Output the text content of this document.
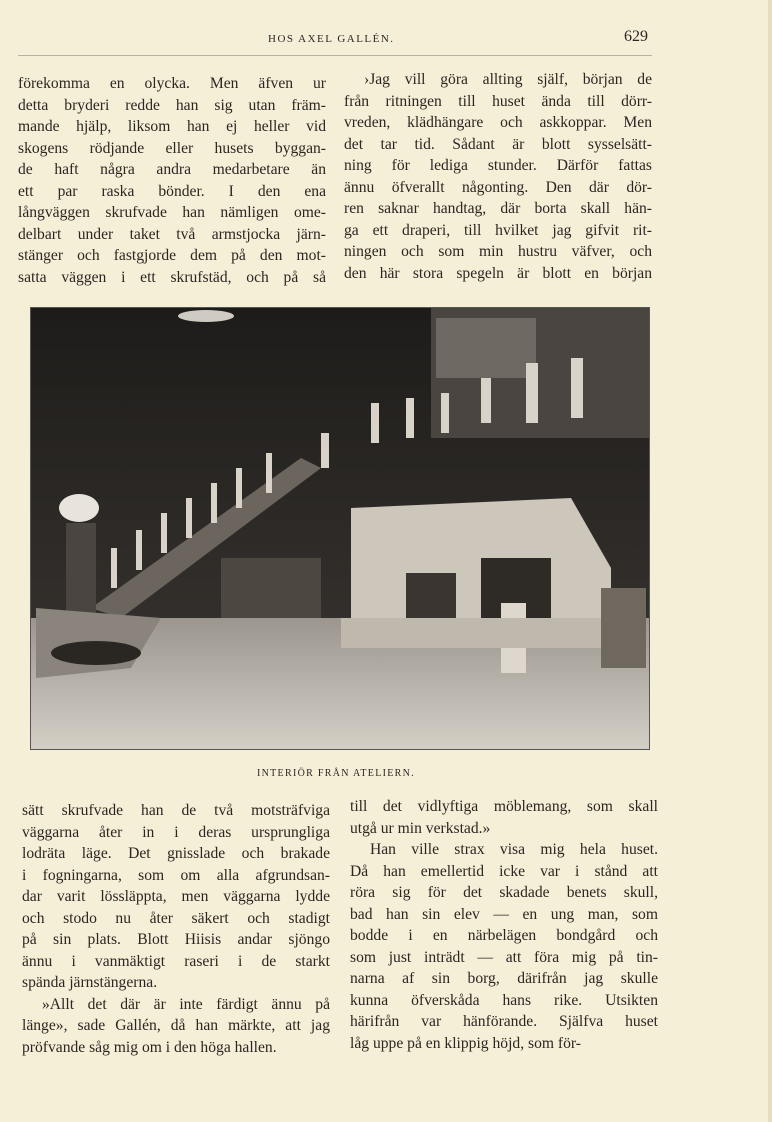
HOS AXEL GALLÉN.	629
förekomma en olycka. Men äfven ur
detta bryderi redde han sig utan främ-
mande hjälp, liksom han ej heller vid
skogens rödjande eller husets byggan-
de haft några andra medarbetare än
ett par raska bönder. I den ena
långväggen skrufvade han nämligen ome-
delbart under taket två armstjocka järn-
stänger och fastgjorde dem på den mot-
satta väggen i ett skrufstäd, och på så
›Jag vill göra allting själf, början de
från ritningen till huset ända till dörr-
vreden, klädhängare och askkoppar. Men
det tar tid. Sådant är blott sysselsätt-
ning för lediga stunder. Därför fattas
ännu öfverallt någonting. Den där dör-
ren saknar handtag, där borta skall hän-
ga ett draperi, till hvilket jag gifvit rit-
ningen och som min hustru väfver, och
den här stora spegeln är blott en början
INTERIÖR FRÅN ATELIERN.
sätt skrufvade han de två motsträfviga
väggarna åter in i deras ursprungliga
lodräta läge. Det gnisslade och brakade
i fogningarna, som om alla afgrundsan-
dar varit lössläppta, men väggarna lydde
och stodo nu åter säkert och stadigt
på sin plats. Blott Hiisis andar sjöngo
ännu i vanmäktigt raseri i de starkt
spända järnstängerna.
»Allt det där är inte färdigt ännu på
länge», sade Gallén, då han märkte, att jag
pröfvande såg mig om i den höga hallen.
till det vidlyftiga möblemang, som skall
utgå ur min verkstad.»
Han ville strax visa mig hela huset.
Då han emellertid icke var i stånd att
röra sig för det skadade benets skull,
bad han sin elev — en ung man, som
bodde i en närbelägen bondgård och
som just inträdt — att föra mig på tin-
narna af sin borg, därifrån jag skulle
kunna öfverskåda hans rike. Utsikten
härifrån var hänförande. Själfva huset
låg uppe på en klippig höjd, som för-
